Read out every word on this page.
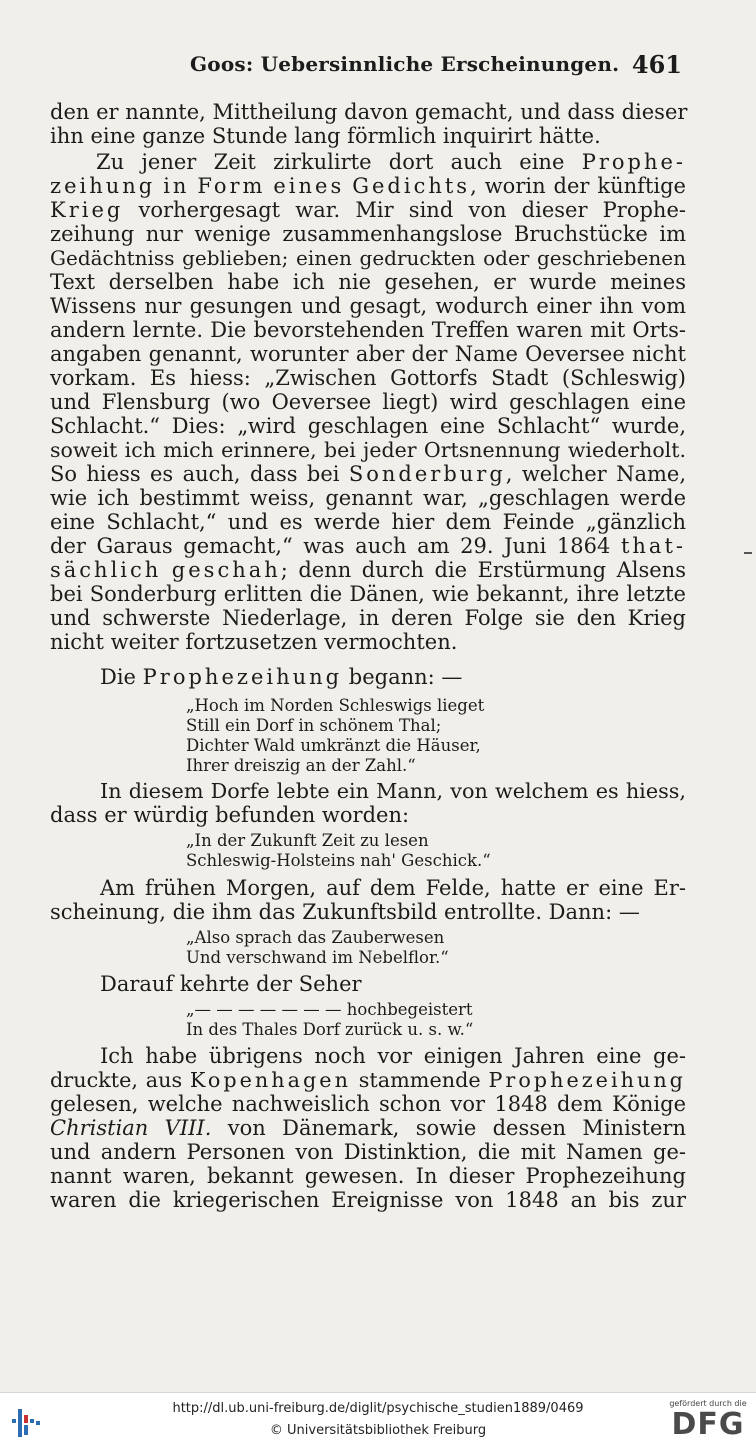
Goos: Uebersinnliche Erscheinungen. 461
den er nannte, Mittheilung davon gemacht, und dass dieser
ihn eine ganze Stunde lang förmlich inquirirt hätte.
Zu jener Zeit zirkulirte dort auch eine Prophe-
zeihung in Form eines Gedichts, worin der künftige
Krieg vorhergesagt war. Mir sind von dieser Prophe-
zeihung nur wenige zusammenhangslose Bruchstücke im
Gedächtniss geblieben; einen gedruckten oder geschriebenen
Text derselben habe ich nie gesehen, er wurde meines
Wissens nur gesungen und gesagt, wodurch einer ihn vom
andern lernte. Die bevorstehenden Treffen waren mit Orts-
angaben genannt, worunter aber der Name Oeversee nicht
vorkam. Es hiess: „Zwischen Gottorfs Stadt (Schleswig)
und Flensburg (wo Oeversee liegt) wird geschlagen eine
Schlacht.“ Dies: „wird geschlagen eine Schlacht“ wurde,
soweit ich mich erinnere, bei jeder Ortsnennung wiederholt.
So hiess es auch, dass bei Sonderburg, welcher Name,
wie ich bestimmt weiss, genannt war, „geschlagen werde
eine Schlacht,“ und es werde hier dem Feinde „gänzlich
der Garaus gemacht,“ was auch am 29. Juni 1864 that-
sächlich geschah; denn durch die Erstürmung Alsens
bei Sonderburg erlitten die Dänen, wie bekannt, ihre letzte
und schwerste Niederlage, in deren Folge sie den Krieg
nicht weiter fortzusetzen vermochten.
Die Prophezeihung begann: —
„Hoch im Norden Schleswigs lieget
Still ein Dorf in schönem Thal;
Dichter Wald umkränzt die Häuser,
Ihrer dreiszig an der Zahl.“
In diesem Dorfe lebte ein Mann, von welchem es hiess,
dass er würdig befunden worden:
„In der Zukunft Zeit zu lesen
Schleswig-Holsteins nah' Geschick.“
Am frühen Morgen, auf dem Felde, hatte er eine Er-
scheinung, die ihm das Zukunftsbild entrollte. Dann: —
„Also sprach das Zauberwesen
Und verschwand im Nebelflor.“
Darauf kehrte der Seher
„— — — — — — — hochbegeistert
In des Thales Dorf zurück u. s. w.“
Ich habe übrigens noch vor einigen Jahren eine ge-
druckte, aus Kopenhagen stammende Prophezeihung
gelesen, welche nachweislich schon vor 1848 dem Könige
Christian VIII. von Dänemark, sowie dessen Ministern
und andern Personen von Distinktion, die mit Namen ge-
nannt waren, bekannt gewesen. In dieser Prophezeihung
waren die kriegerischen Ereignisse von 1848 an bis zur
http://dl.ub.uni-freiburg.de/diglit/psychische_studien1889/0469
© Universitätsbibliothek Freiburg
gefördert durch die
DFG
